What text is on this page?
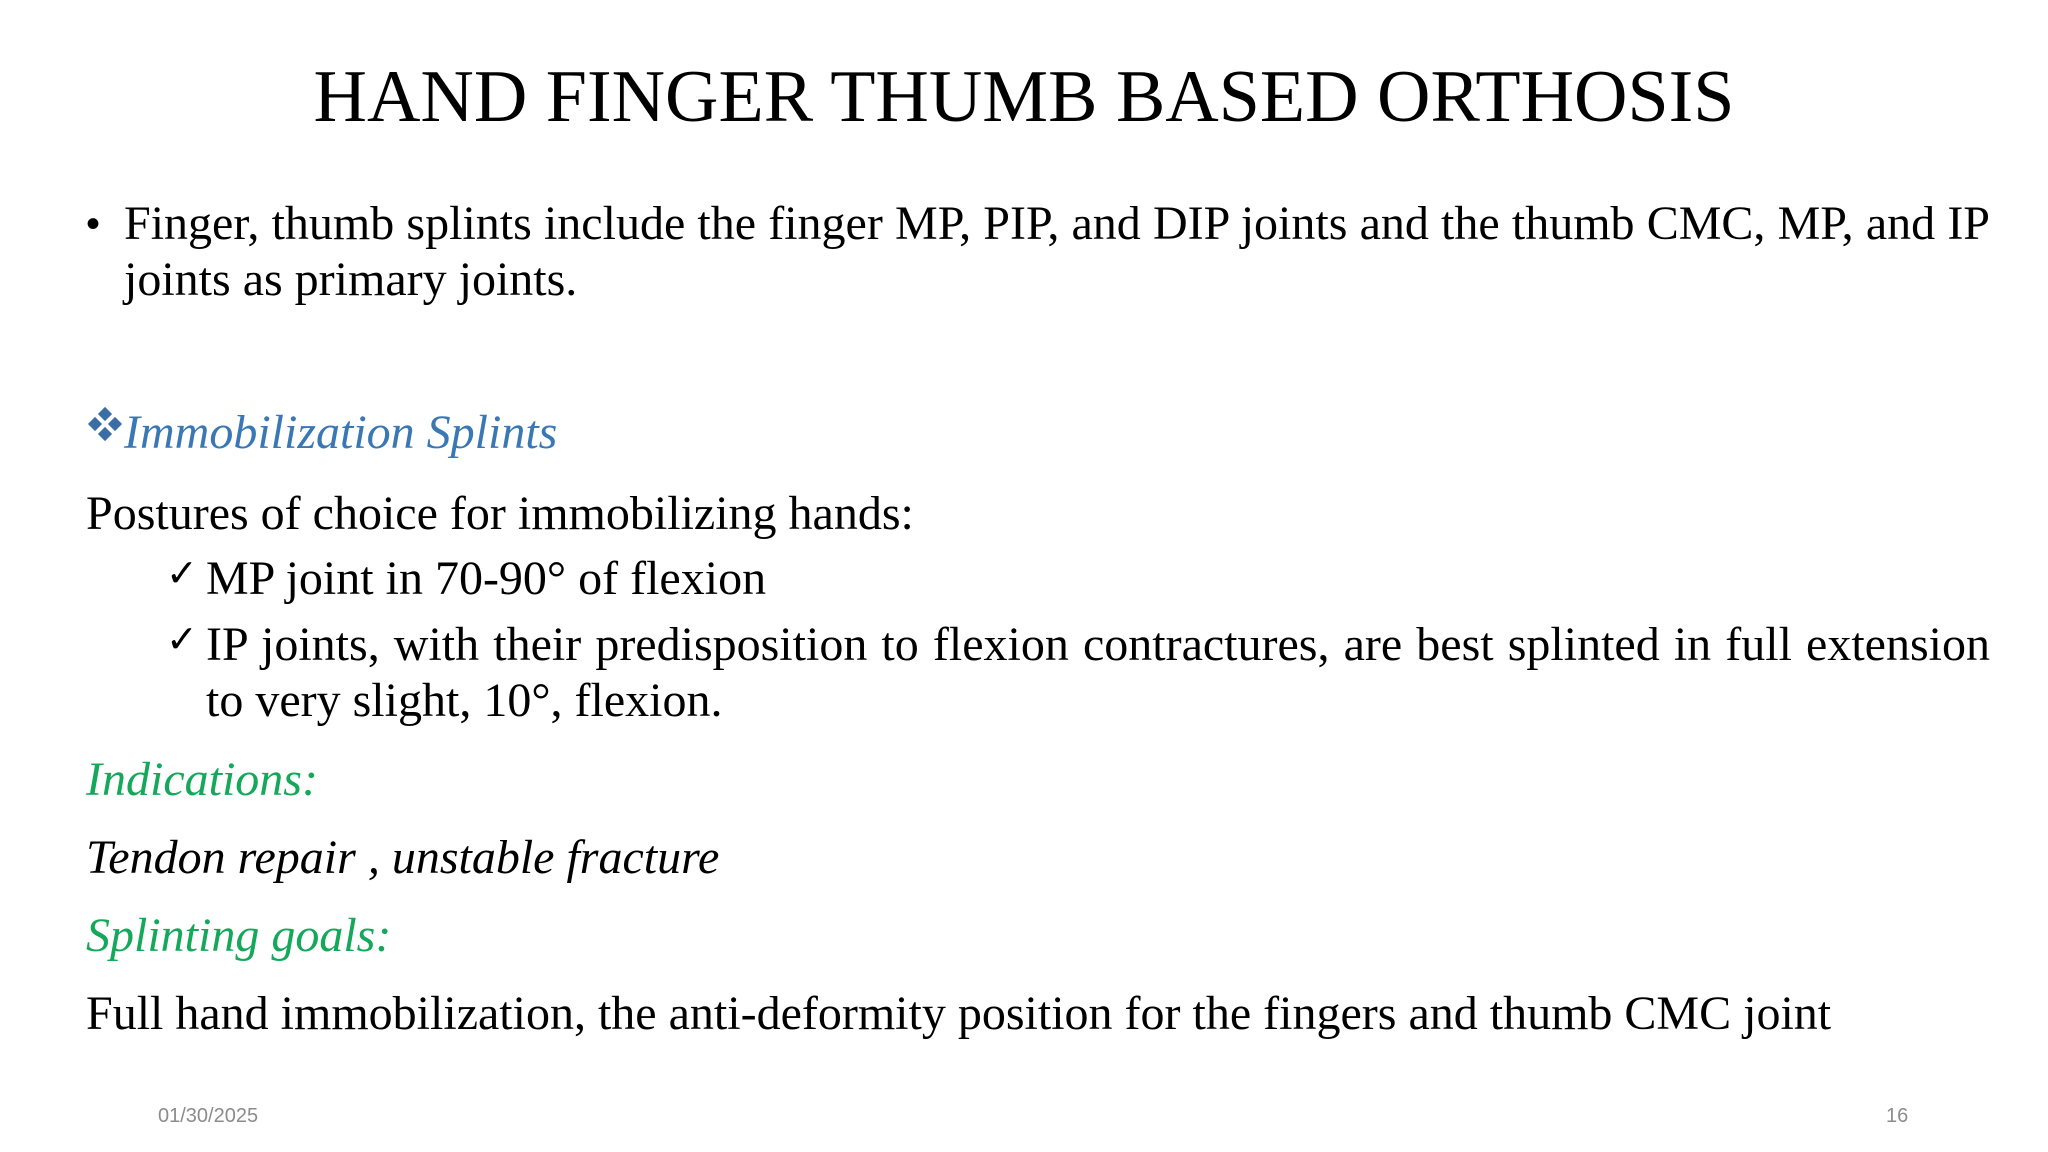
HAND FINGER THUMB BASED ORTHOSIS
• Finger, thumb splints include the finger MP, PIP, and DIP joints and the thumb CMC, MP, and IP joints as primary joints.
Immobilization Splints
Postures of choice for immobilizing hands:
✓ MP joint in 70-90° of flexion
✓ IP joints, with their predisposition to flexion contractures, are best splinted in full extension to very slight, 10°, flexion.
Indications:
Tendon repair , unstable fracture
Splinting goals:
Full hand immobilization, the anti-deformity position for the fingers and thumb CMC joint
01/30/2025	16
